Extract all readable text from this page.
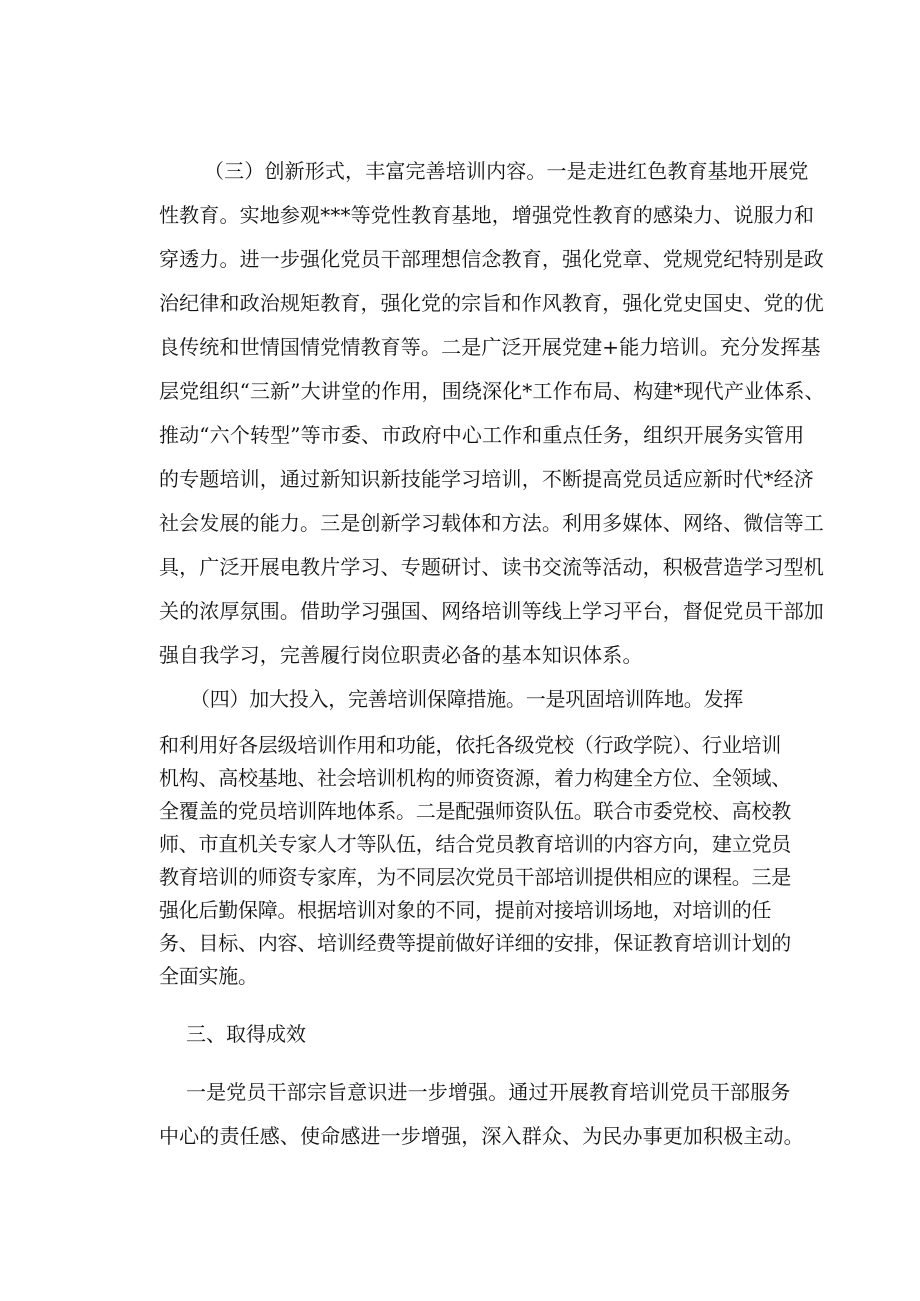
（三）创新形式，丰富完善培训内容。一是走进红色教育基地开展党
性教育。实地参观***等党性教育基地，增强党性教育的感染力、说服力和
穿透力。进一步强化党员干部理想信念教育，强化党章、党规党纪特别是政
治纪律和政治规矩教育，强化党的宗旨和作风教育，强化党史国史、党的优
良传统和世情国情党情教育等。二是广泛开展党建+能力培训。充分发挥基
层党组织“三新”大讲堂的作用，围绕深化*工作布局、构建*现代产业体系、
推动“六个转型”等市委、市政府中心工作和重点任务，组织开展务实管用
的专题培训，通过新知识新技能学习培训，不断提高党员适应新时代*经济
社会发展的能力。三是创新学习载体和方法。利用多媒体、网络、微信等工
具，广泛开展电教片学习、专题研讨、读书交流等活动，积极营造学习型机
关的浓厚氛围。借助学习强国、网络培训等线上学习平台，督促党员干部加
强自我学习，完善履行岗位职责必备的基本知识体系。
（四）加大投入，完善培训保障措施。一是巩固培训阵地。发挥
和利用好各层级培训作用和功能，依托各级党校（行政学院）、行业培训
机构、高校基地、社会培训机构的师资资源，着力构建全方位、全领域、
全覆盖的党员培训阵地体系。二是配强师资队伍。联合市委党校、高校教
师、市直机关专家人才等队伍，结合党员教育培训的内容方向，建立党员
教育培训的师资专家库，为不同层次党员干部培训提供相应的课程。三是
强化后勤保障。根据培训对象的不同，提前对接培训场地，对培训的任
务、目标、内容、培训经费等提前做好详细的安排，保证教育培训计划的
全面实施。
三、取得成效
一是党员干部宗旨意识进一步增强。通过开展教育培训党员干部服务
中心的责任感、使命感进一步增强，深入群众、为民办事更加积极主动。
